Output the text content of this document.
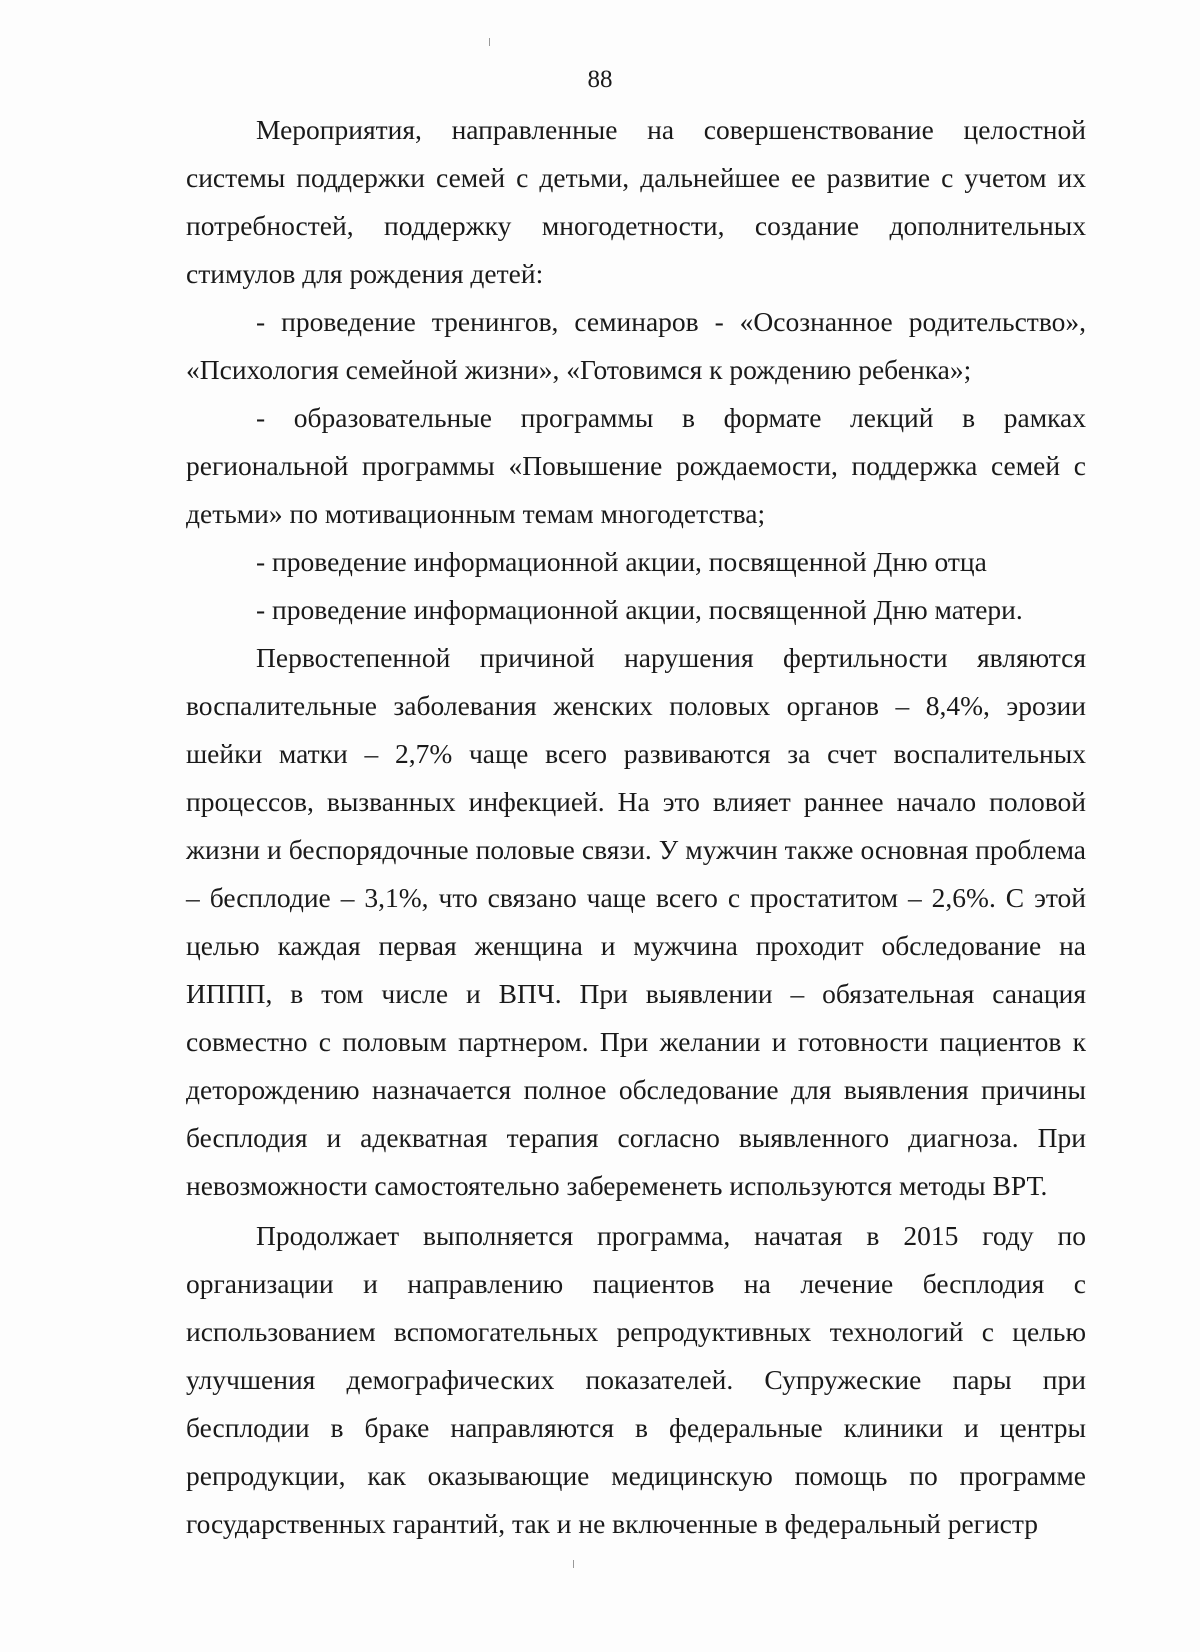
88

Мероприятия, направленные на совершенствование целостной системы поддержки семей с детьми, дальнейшее ее развитие с учетом их потребностей, поддержку многодетности, создание дополнительных стимулов для рождения детей:

- проведение тренингов, семинаров - «Осознанное родительство», «Психология семейной жизни», «Готовимся к рождению ребенка»;

- образовательные программы в формате лекций в рамках региональной программы «Повышение рождаемости, поддержка семей с детьми» по мотивационным темам многодетства;

- проведение информационной акции, посвященной Дню отца

- проведение информационной акции, посвященной Дню матери.

Первостепенной причиной нарушения фертильности являются воспалительные заболевания женских половых органов – 8,4%, эрозии шейки матки – 2,7% чаще всего развиваются за счет воспалительных процессов, вызванных инфекцией. На это влияет раннее начало половой жизни и беспорядочные половые связи. У мужчин также основная проблема – бесплодие – 3,1%, что связано чаще всего с простатитом – 2,6%. С этой целью каждая первая женщина и мужчина проходит обследование на ИППП, в том числе и ВПЧ. При выявлении – обязательная санация совместно с половым партнером. При желании и готовности пациентов к деторождению назначается полное обследование для выявления причины бесплодия и адекватная терапия согласно выявленного диагноза. При невозможности самостоятельно забеременеть используются методы ВРТ.

Продолжает выполняется программа, начатая в 2015 году по организации и направлению пациентов на лечение бесплодия с использованием вспомогательных репродуктивных технологий с целью улучшения демографических показателей. Супружеские пары при бесплодии в браке направляются в федеральные клиники и центры репродукции, как оказывающие медицинскую помощь по программе государственных гарантий, так и не включенные в федеральный регистр
